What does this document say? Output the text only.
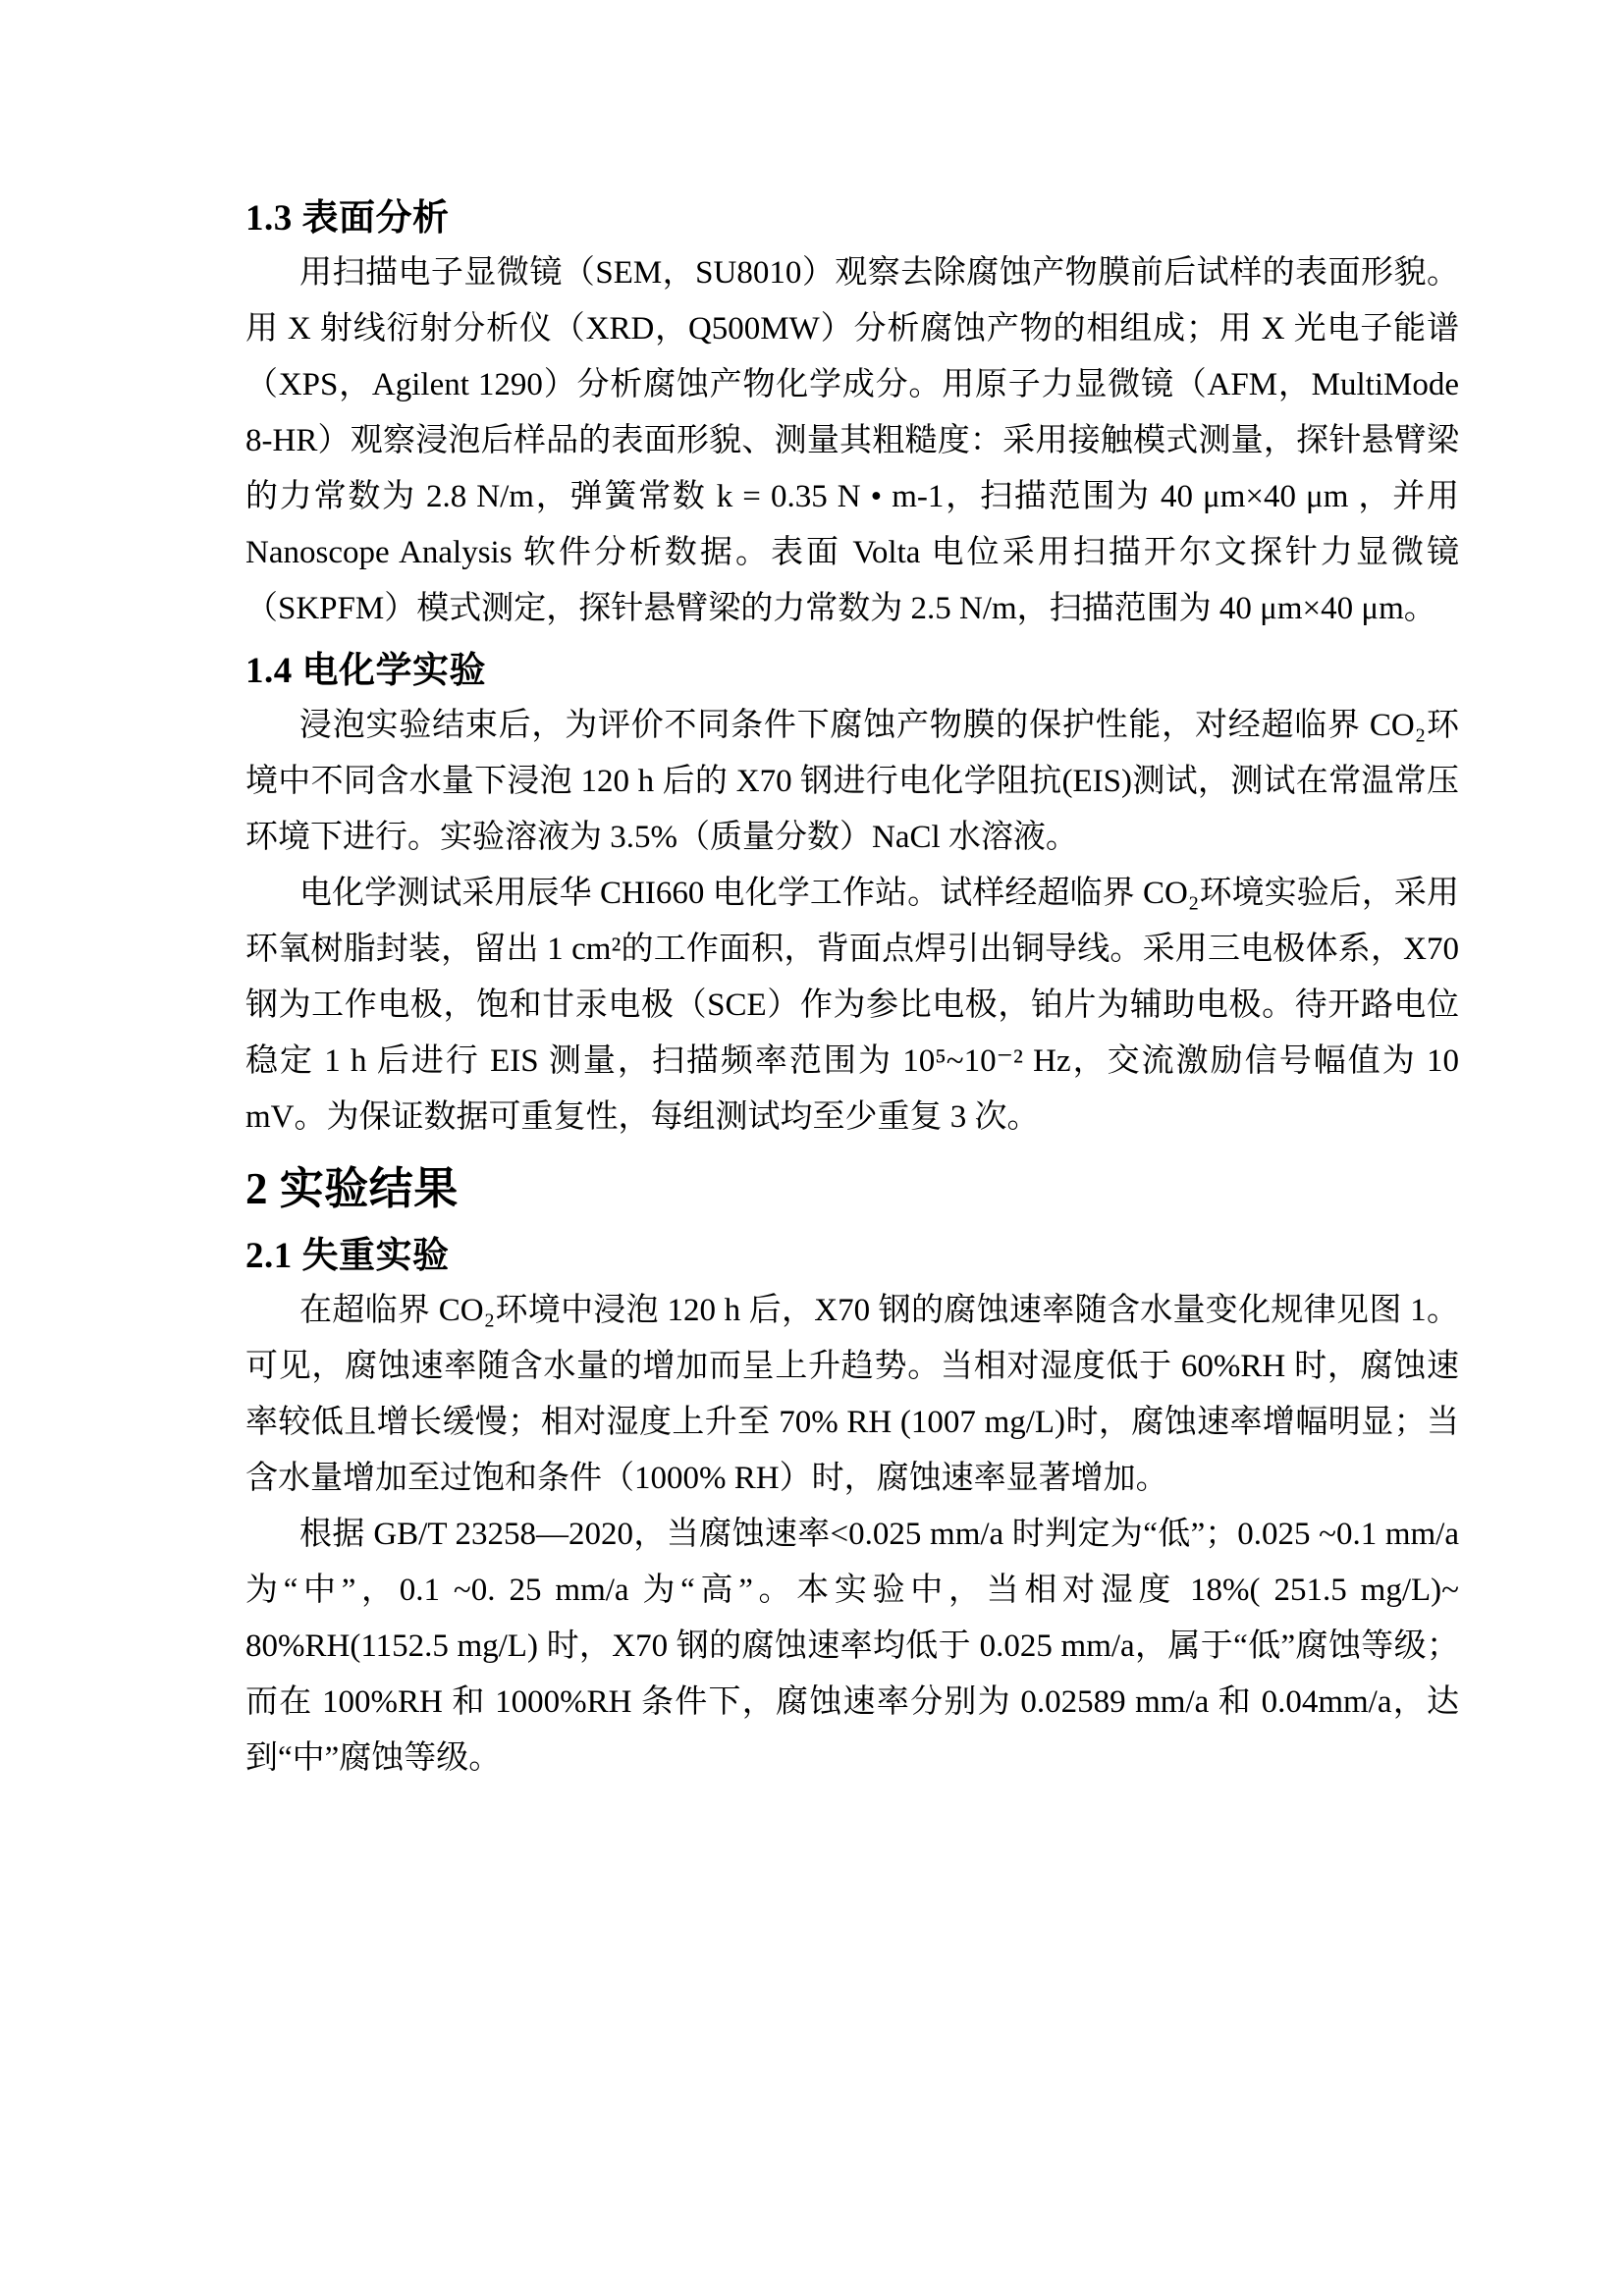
1.3 表面分析

用扫描电子显微镜（SEM，SU8010）观察去除腐蚀产物膜前后试样的表面形貌。用 X 射线衍射分析仪（XRD，Q500MW）分析腐蚀产物的相组成；用 X 光电子能谱（XPS，Agilent 1290）分析腐蚀产物化学成分。用原子力显微镜（AFM，MultiMode 8-HR）观察浸泡后样品的表面形貌、测量其粗糙度：采用接触模式测量，探针悬臂梁的力常数为 2.8 N/m，弹簧常数 k = 0.35 N • m-1，扫描范围为 40 μm×40 μm ，并用 Nanoscope Analysis 软件分析数据。表面 Volta 电位采用扫描开尔文探针力显微镜（SKPFM）模式测定，探针悬臂梁的力常数为 2.5 N/m，扫描范围为 40 μm×40 μm。

1.4 电化学实验

浸泡实验结束后，为评价不同条件下腐蚀产物膜的保护性能，对经超临界 CO₂环境中不同含水量下浸泡 120 h 后的 X70 钢进行电化学阻抗(EIS)测试，测试在常温常压环境下进行。实验溶液为 3.5%（质量分数）NaCl 水溶液。

电化学测试采用辰华 CHI660 电化学工作站。试样经超临界 CO₂环境实验后，采用环氧树脂封装，留出 1 cm²的工作面积，背面点焊引出铜导线。采用三电极体系，X70 钢为工作电极，饱和甘汞电极（SCE）作为参比电极，铂片为辅助电极。待开路电位稳定 1 h 后进行 EIS 测量，扫描频率范围为 10⁵~10⁻² Hz，交流激励信号幅值为 10 mV。为保证数据可重复性，每组测试均至少重复 3 次。

2 实验结果
2.1 失重实验

在超临界 CO₂环境中浸泡 120 h 后，X70 钢的腐蚀速率随含水量变化规律见图 1。可见，腐蚀速率随含水量的增加而呈上升趋势。当相对湿度低于 60%RH 时，腐蚀速率较低且增长缓慢；相对湿度上升至 70% RH (1007 mg/L)时，腐蚀速率增幅明显；当含水量增加至过饱和条件（1000% RH）时，腐蚀速率显著增加。

根据 GB/T 23258—2020，当腐蚀速率<0.025 mm/a 时判定为“低”；0.025 ~0.1 mm/a 为“中”，0.1 ~0. 25 mm/a 为“高”。本实验中，当相对湿度 18%( 251.5 mg/L)~ 80%RH(1152.5 mg/L) 时，X70 钢的腐蚀速率均低于 0.025 mm/a，属于“低”腐蚀等级；而在 100%RH 和 1000%RH 条件下，腐蚀速率分别为 0.02589 mm/a 和 0.04mm/a，达到“中”腐蚀等级。
